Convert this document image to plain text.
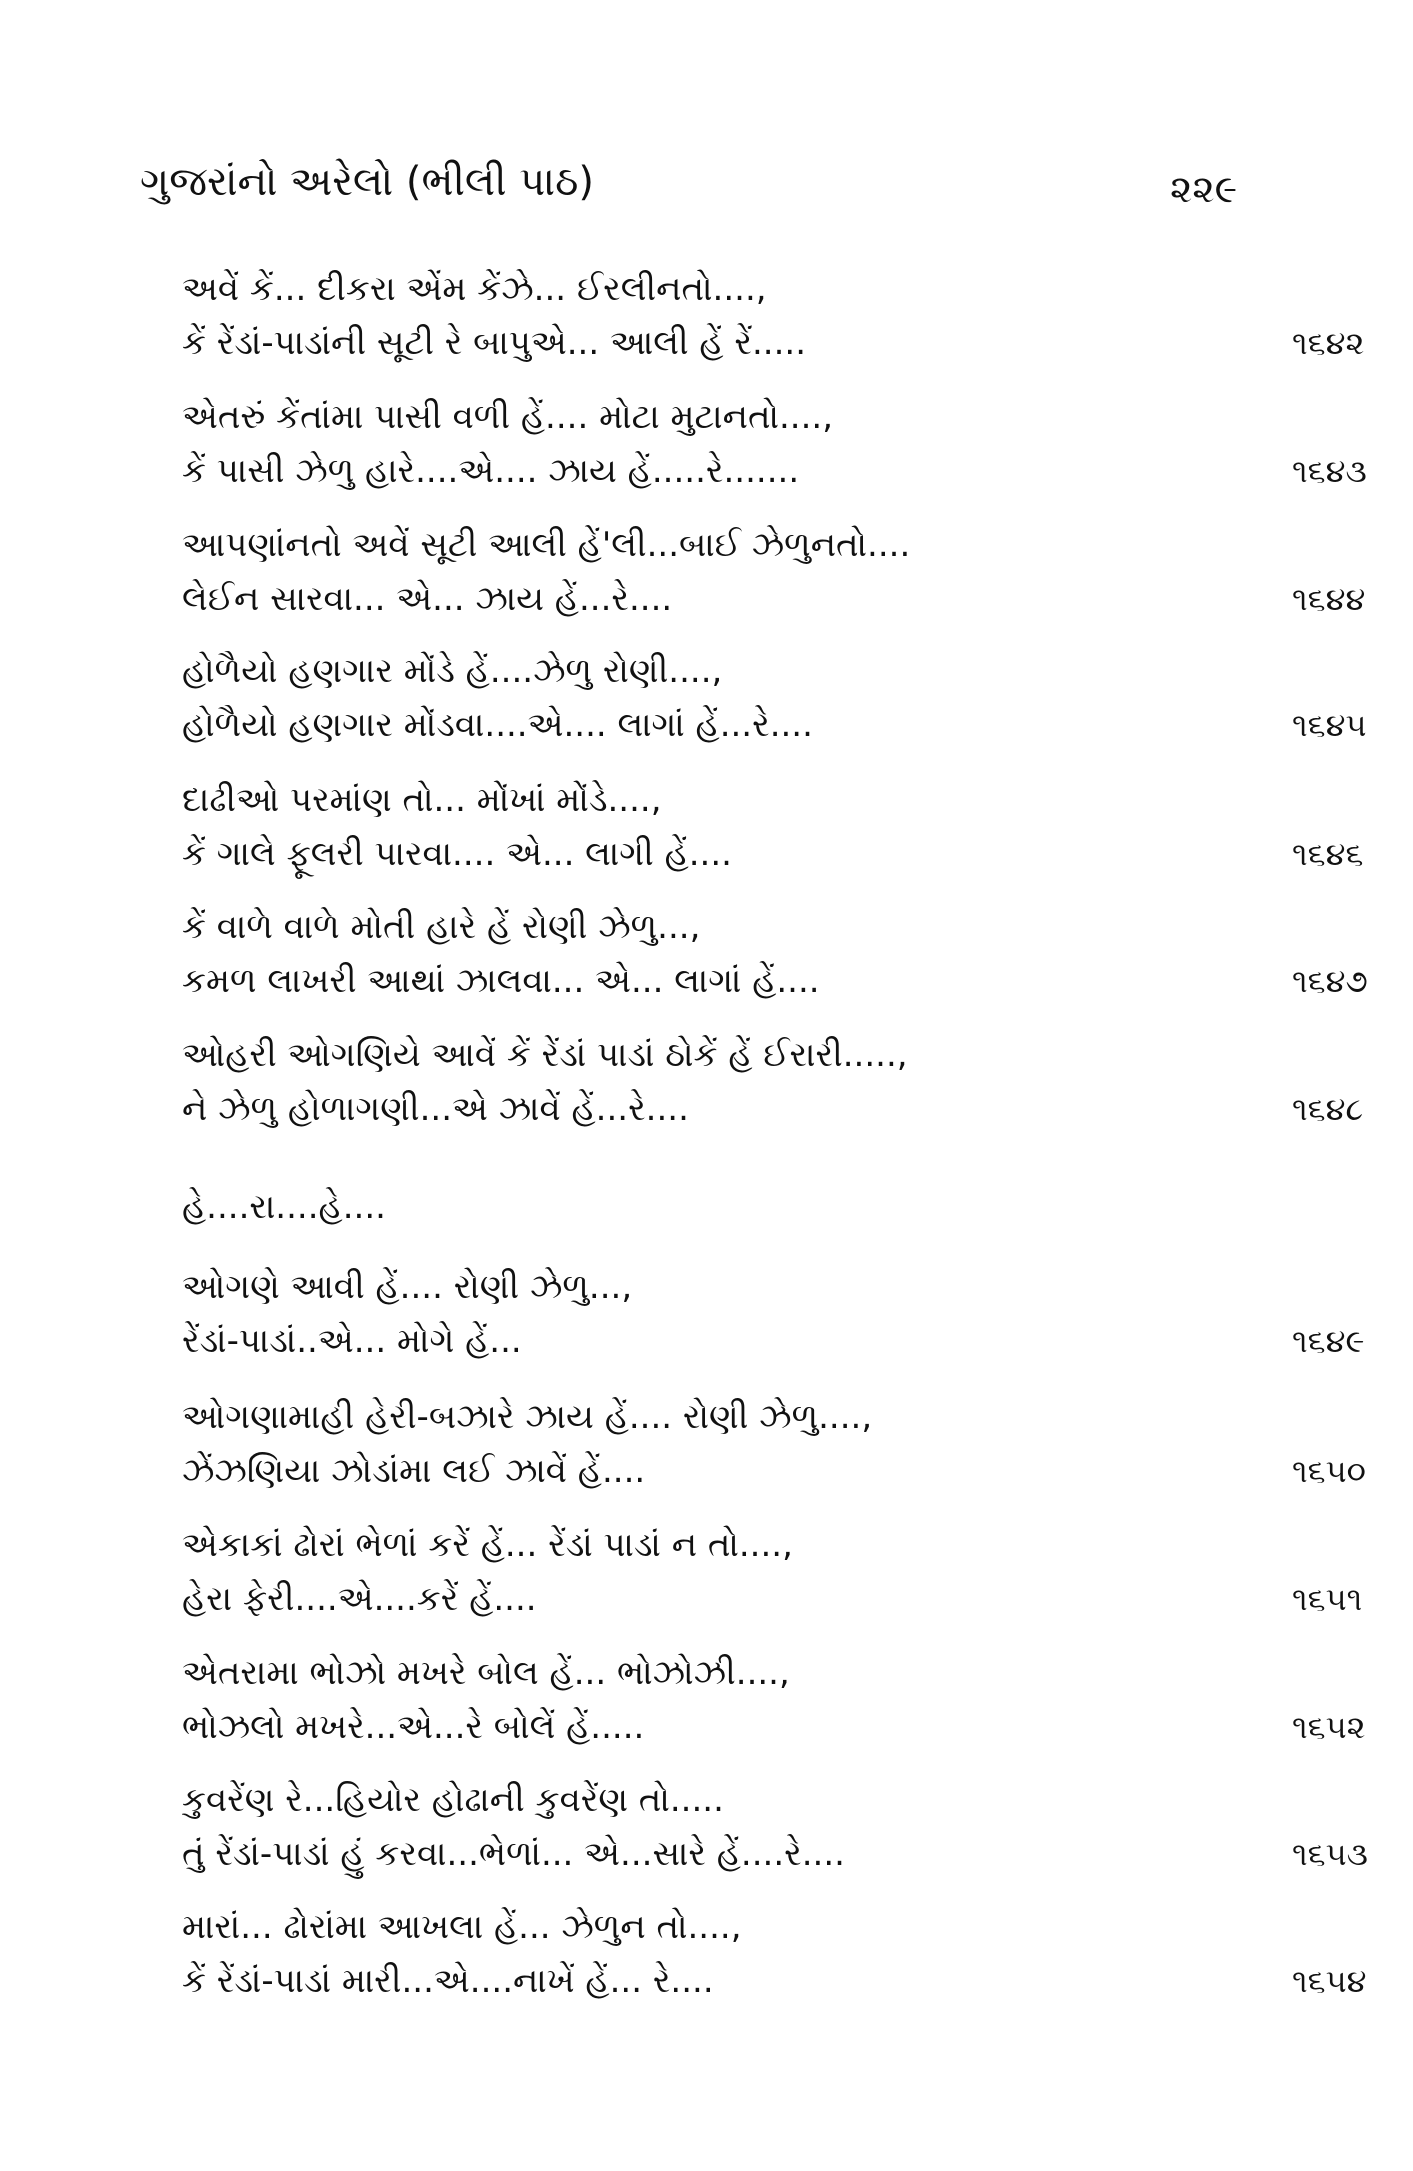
ગુજરાંનો અરેલો (ભીલી પાઠ)	૨૨૯
અવેં કેં... દીકરા એંમ કેંઝે... ઈરલીનતો....,
કેં રેંડાં-પાડાંની સૂટી રે બાપુએ... આલી હેં રેં.....	૧૬૪૨
એતરું કેંતાંમા પાસી વળી હેં.... મોટા મુટાનતો....,
કેં પાસી ઝેળુ હારે....એ.... ઝાય હેં.....રે.......	૧૬૪૩
આપણાંનતો અવેં સૂટી આલી હેં'લી...બાઈ ઝેળુનતો....
લેઈન સારવા... એ... ઝાય હેં...રે....	૧૬૪૪
હોળૈયો હણગાર મોંડે હેં....ઝેળુ રોણી....,
હોળૈયો હણગાર મોંડવા....એ.... લાગાં હેં...રે....	૧૬૪૫
દાઢીઓ પરમાંણ તો... મોંખાં મોંડે....,
કેં ગાલે ફૂલરી પારવા.... એ... લાગી હેં....	૧૬૪૬
કેં વાળે વાળે મોતી હારે હેં રોણી ઝેળુ...,
કમળ લાખરી આથાં ઝાલવા... એ... લાગાં હેં....	૧૬૪૭
ઓહરી ઓગણિયે આવેં કેં રેંડાં પાડાં ઠોકેં હેં ઈરારી.....,
ને ઝેળુ હોળાગણી...એ ઝાવેં હેં...રે....	૧૬૪૮
હે....રા....હે....
ઓગણે આવી હેં.... રોણી ઝેળુ...,
રેંડાં-પાડાં..એ... મોગે હેં...	૧૬૪૯
ઓગણામાહી હેરી-બઝારે ઝાય હેં.... રોણી ઝેળુ....,
ઝેંઝણિયા ઝોડાંમા લઈ ઝાવેં હેં....	૧૬૫૦
એકાકાં ઢોરાં ભેળાં કરેં હેં... રેંડાં પાડાં ન તો....,
હેરા ફેરી....એ....કરેં હેં....	૧૬૫૧
એતરામા ભોઝો મખરે બોલ હેં... ભોઝોઝી....,
ભોઝલો મખરે...એ...રે બોલેં હેં.....	૧૬૫૨
કુવરેંણ રે...હિયોર હોઢાની કુવરેંણ તો.....
તું રેંડાં-પાડાં હું કરવા...ભેળાં... એ...સારે હેં....રે....	૧૬૫૩
મારાં... ઢોરાંમા આખલા હેં... ઝેળુન તો....,
કેં રેંડાં-પાડાં મારી...એ....નાખેં હેં... રે....	૧૬૫૪
